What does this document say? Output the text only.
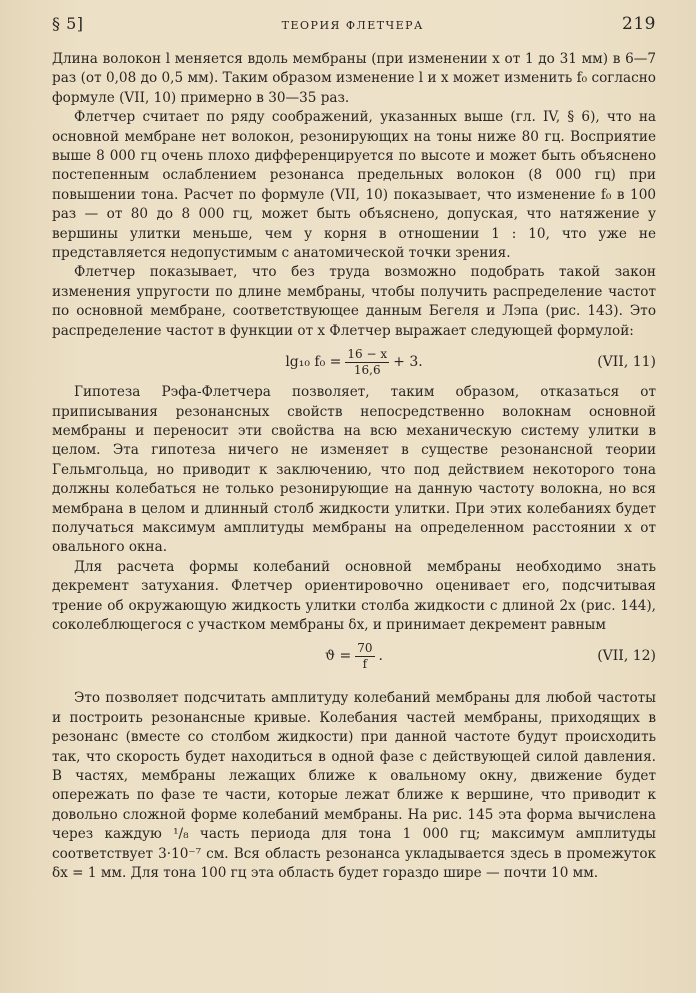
§ 5]	ТЕОРИЯ ФЛЕТЧЕРА	219

Длина волокон l меняется вдоль мембраны (при изменении x от 1 до 31 мм) в 6—7 раз (от 0,08 до 0,5 мм). Таким образом изменение l и x может изменить f₀ согласно формуле (VII, 10) примерно в 30—35 раз.

Флетчер считает по ряду соображений, указанных выше (гл. IV, § 6), что на основной мембране нет волокон, резонирующих на тоны ниже 80 гц. Восприятие выше 8 000 гц очень плохо дифференцируется по высоте и может быть объяснено постепенным ослаблением резонанса предельных волокон (8 000 гц) при повышении тона. Расчет по формуле (VII, 10) показывает, что изменение f₀ в 100 раз — от 80 до 8 000 гц, может быть объяснено, допуская, что натяжение у вершины улитки меньше, чем у корня в отношении 1 : 10, что уже не представляется недопустимым с анатомической точки зрения.

Флетчер показывает, что без труда возможно подобрать такой закон изменения упругости по длине мембраны, чтобы получить распределение частот по основной мембране, соответствующее данным Бегеля и Лэпа (рис. 143). Это распределение частот в функции от x Флетчер выражает следующей формулой:

lg₁₀ $f_0 = \frac{16 - x}{16,6} + 3$.	(VII, 11)

Гипотеза Рэфа-Флетчера позволяет, таким образом, отказаться от приписывания резонансных свойств непосредственно волокнам основной мембраны и переносит эти свойства на всю механическую систему улитки в целом. Эта гипотеза ничего не изменяет в существе резонансной теории Гельмгольца, но приводит к заключению, что под действием некоторого тона должны колебаться не только резонирующие на данную частоту волокна, но вся мембрана в целом и длинный столб жидкости улитки. При этих колебаниях будет получаться максимум амплитуды мембраны на определенном расстоянии x от овального окна.

Для расчета формы колебаний основной мембраны необходимо знать декремент затухания. Флетчер ориентировочно оценивает его, подсчитывая трение об окружающую жидкость улитки столба жидкости с длиной 2x (рис. 144), соколеблющегося с участком мембраны δx, и принимает декремент равным

$ϑ = \frac{70}{f}$ .	(VII, 12)

Это позволяет подсчитать амплитуду колебаний мембраны для любой частоты и построить резонансные кривые. Колебания частей мембраны, приходящих в резонанс (вместе со столбом жидкости) при данной частоте будут происходить так, что скорость будет находиться в одной фазе с действующей силой давления. В частях, мембраны лежащих ближе к овальному окну, движение будет опережать по фазе те части, которые лежат ближе к вершине, что приводит к довольно сложной форме колебаний мембраны. На рис. 145 эта форма вычислена через каждую ¹/₈ часть периода для тона 1 000 гц; максимум амплитуды соответствует 3·10⁻⁷ см. Вся область резонанса укладывается здесь в промежуток δx = 1 мм. Для тона 100 гц эта область будет гораздо шире — почти 10 мм.
